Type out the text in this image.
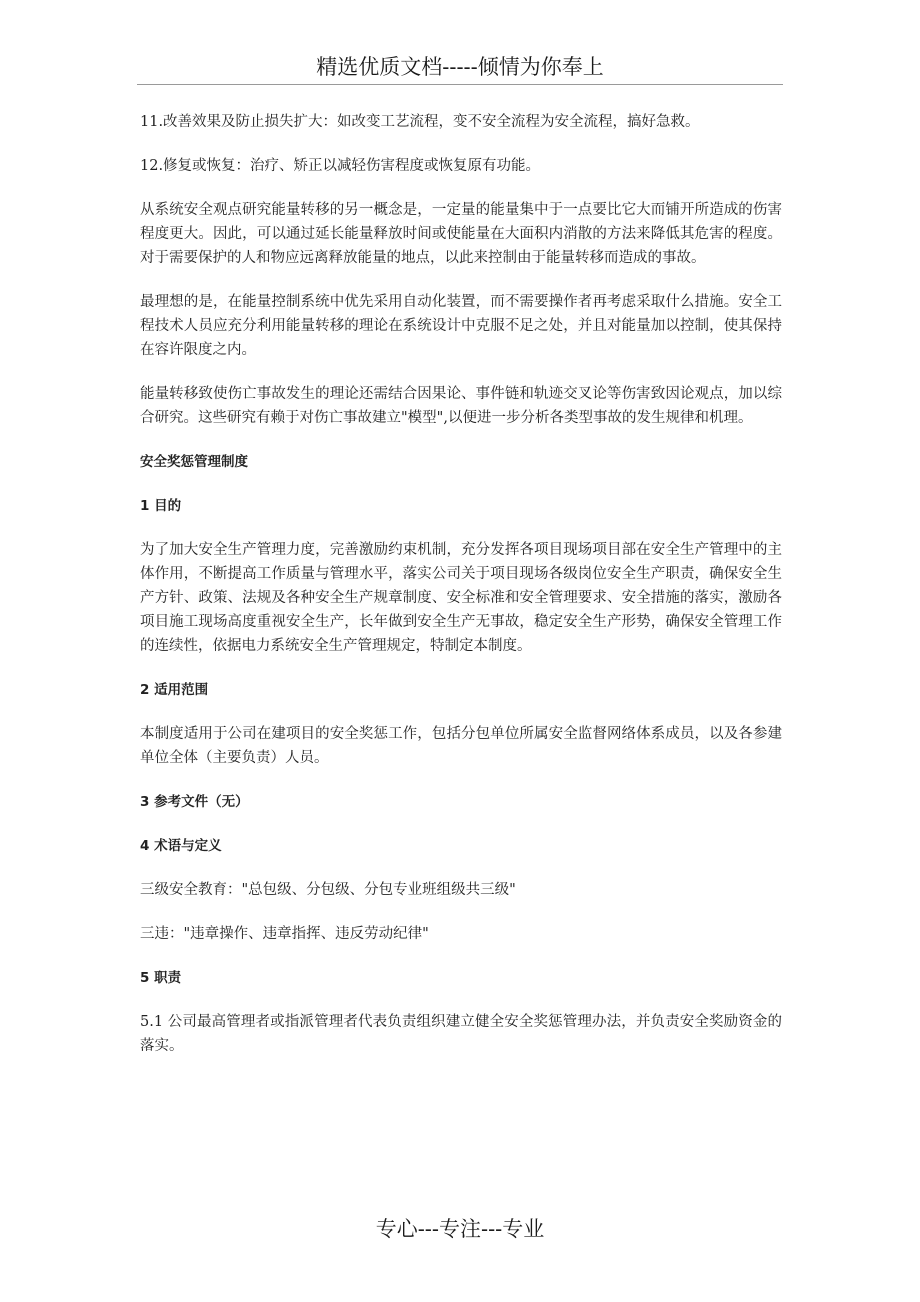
精选优质文档-----倾情为你奉上

11.改善效果及防止损失扩大：如改变工艺流程，变不安全流程为安全流程，搞好急救。

12.修复或恢复：治疗、矫正以减轻伤害程度或恢复原有功能。

从系统安全观点研究能量转移的另一概念是，一定量的能量集中于一点要比它大而铺开所造成的伤害程度更大。因此，可以通过延长能量释放时间或使能量在大面积内消散的方法来降低其危害的程度。对于需要保护的人和物应远离释放能量的地点，以此来控制由于能量转移而造成的事故。

最理想的是，在能量控制系统中优先采用自动化装置，而不需要操作者再考虑采取什么措施。安全工程技术人员应充分利用能量转移的理论在系统设计中克服不足之处，并且对能量加以控制，使其保持在容许限度之内。

能量转移致使伤亡事故发生的理论还需结合因果论、事件链和轨迹交叉论等伤害致因论观点，加以综合研究。这些研究有赖于对伤亡事故建立"模型",以便进一步分析各类型事故的发生规律和机理。

安全奖惩管理制度

1 目的

为了加大安全生产管理力度，完善激励约束机制，充分发挥各项目现场项目部在安全生产管理中的主体作用，不断提高工作质量与管理水平，落实公司关于项目现场各级岗位安全生产职责，确保安全生产方针、政策、法规及各种安全生产规章制度、安全标准和安全管理要求、安全措施的落实，激励各项目施工现场高度重视安全生产，长年做到安全生产无事故，稳定安全生产形势，确保安全管理工作的连续性，依据电力系统安全生产管理规定，特制定本制度。

2 适用范围

本制度适用于公司在建项目的安全奖惩工作，包括分包单位所属安全监督网络体系成员，以及各参建单位全体（主要负责）人员。

3 参考文件（无）

4 术语与定义

三级安全教育："总包级、分包级、分包专业班组级共三级"

三违："违章操作、违章指挥、违反劳动纪律"

5 职责

5.1 公司最高管理者或指派管理者代表负责组织建立健全安全奖惩管理办法，并负责安全奖励资金的落实。

专心---专注---专业
